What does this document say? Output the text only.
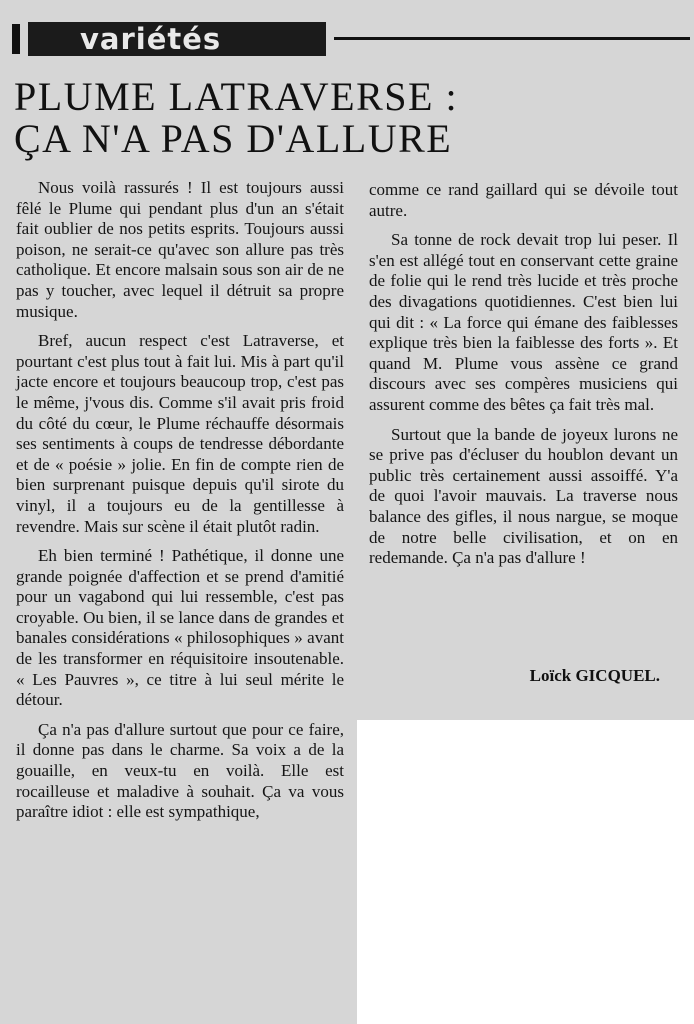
variétés
PLUME LATRAVERSE :
ÇA N'A PAS D'ALLURE

Nous voilà rassurés ! Il est toujours aussi fêlé le Plume qui pendant plus d'un an s'était fait oublier de nos petits esprits. Toujours aussi poison, ne serait-ce qu'avec son allure pas très catholique. Et encore malsain sous son air de ne pas y toucher, avec lequel il détruit sa propre musique.

Bref, aucun respect c'est Latraverse, et pourtant c'est plus tout à fait lui. Mis à part qu'il jacte encore et toujours beaucoup trop, c'est pas le même, j'vous dis. Comme s'il avait pris froid du côté du cœur, le Plume réchauffe désormais ses sentiments à coups de tendresse débordante et de « poésie » jolie. En fin de compte rien de bien surprenant puisque depuis qu'il sirote du vinyl, il a toujours eu de la gentillesse à revendre. Mais sur scène il était plutôt radin.

Eh bien terminé ! Pathétique, il donne une grande poignée d'affection et se prend d'amitié pour un vagabond qui lui ressemble, c'est pas croyable. Ou bien, il se lance dans de grandes et banales considérations « philosophiques » avant de les transformer en réquisitoire insoutenable. « Les Pauvres », ce titre à lui seul mérite le détour.

Ça n'a pas d'allure surtout que pour ce faire, il donne pas dans le charme. Sa voix a de la gouaille, en veux-tu en voilà. Elle est rocailleuse et maladive à souhait. Ça va vous paraître idiot : elle est sympathique,

comme ce rand gaillard qui se dévoile tout autre.

Sa tonne de rock devait trop lui peser. Il s'en est allégé tout en conservant cette graine de folie qui le rend très lucide et très proche des divagations quotidiennes. C'est bien lui qui dit : « La force qui émane des faiblesses explique très bien la faiblesse des forts ». Et quand M. Plume vous assène ce grand discours avec ses compères musiciens qui assurent comme des bêtes ça fait très mal.

Surtout que la bande de joyeux lurons ne se prive pas d'écluser du houblon devant un public très certainement aussi assoiffé. Y'a de quoi l'avoir mauvais. La traverse nous balance des gifles, il nous nargue, se moque de notre belle civilisation, et on en redemande. Ça n'a pas d'allure !

Loïck GICQUEL.
